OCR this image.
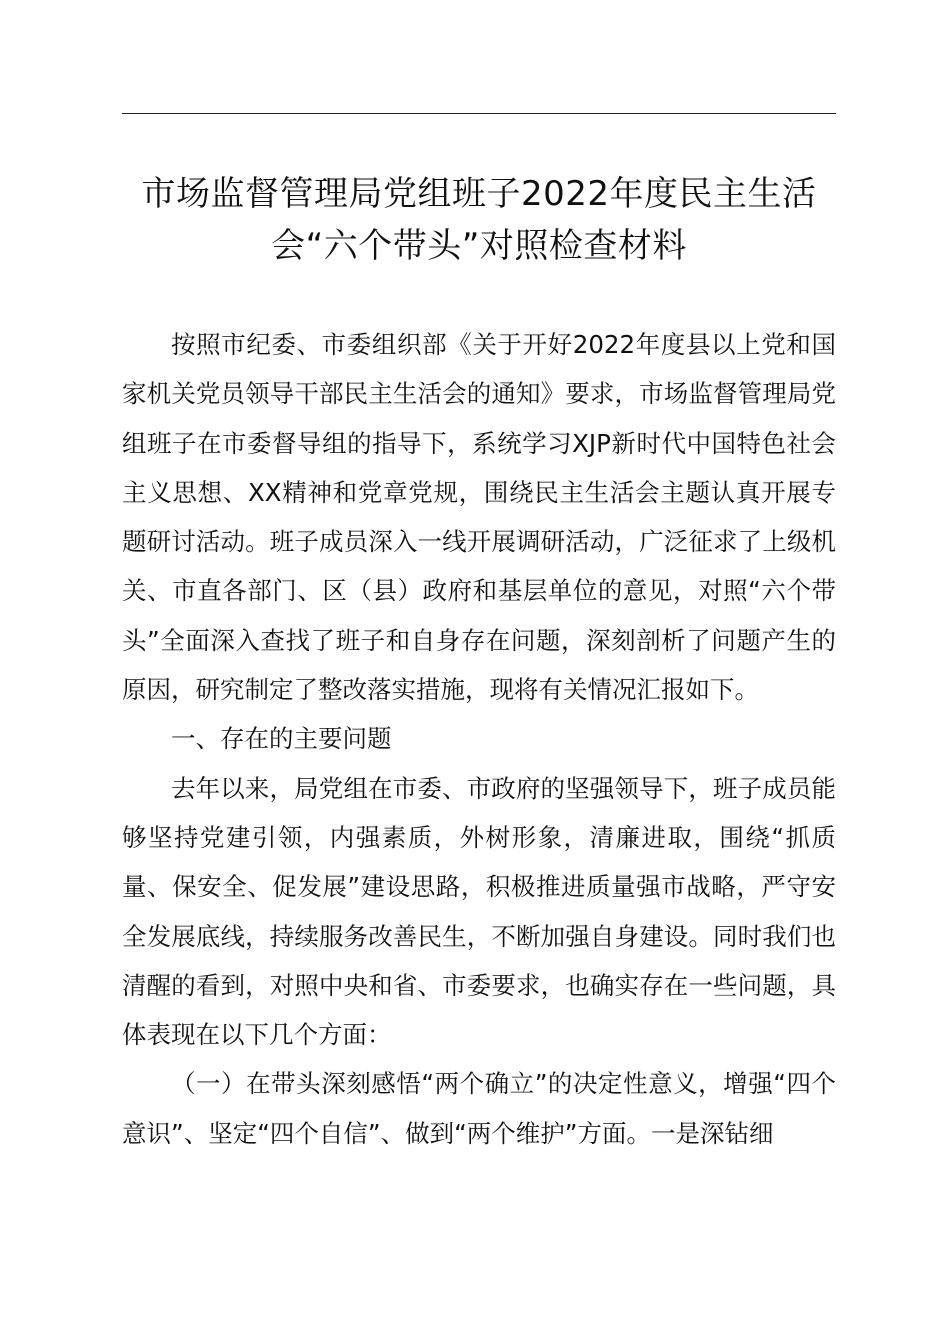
市场监督管理局党组班子2022年度民主生活
会“六个带头”对照检查材料

按照市纪委、市委组织部《关于开好2022年度县以上党和国家机关党员领导干部民主生活会的通知》要求，市场监督管理局党组班子在市委督导组的指导下，系统学习XJP新时代中国特色社会主义思想、XX精神和党章党规，围绕民主生活会主题认真开展专题研讨活动。班子成员深入一线开展调研活动，广泛征求了上级机关、市直各部门、区（县）政府和基层单位的意见，对照“六个带头”全面深入查找了班子和自身存在问题，深刻剖析了问题产生的原因，研究制定了整改落实措施，现将有关情况汇报如下。

一、存在的主要问题

去年以来，局党组在市委、市政府的坚强领导下，班子成员能够坚持党建引领，内强素质，外树形象，清廉进取，围绕“抓质量、保安全、促发展”建设思路，积极推进质量强市战略，严守安全发展底线，持续服务改善民生，不断加强自身建设。同时我们也清醒的看到，对照中央和省、市委要求，也确实存在一些问题，具体表现在以下几个方面：

（一）在带头深刻感悟“两个确立”的决定性意义，增强“四个意识”、坚定“四个自信”、做到“两个维护”方面。一是深钻细
